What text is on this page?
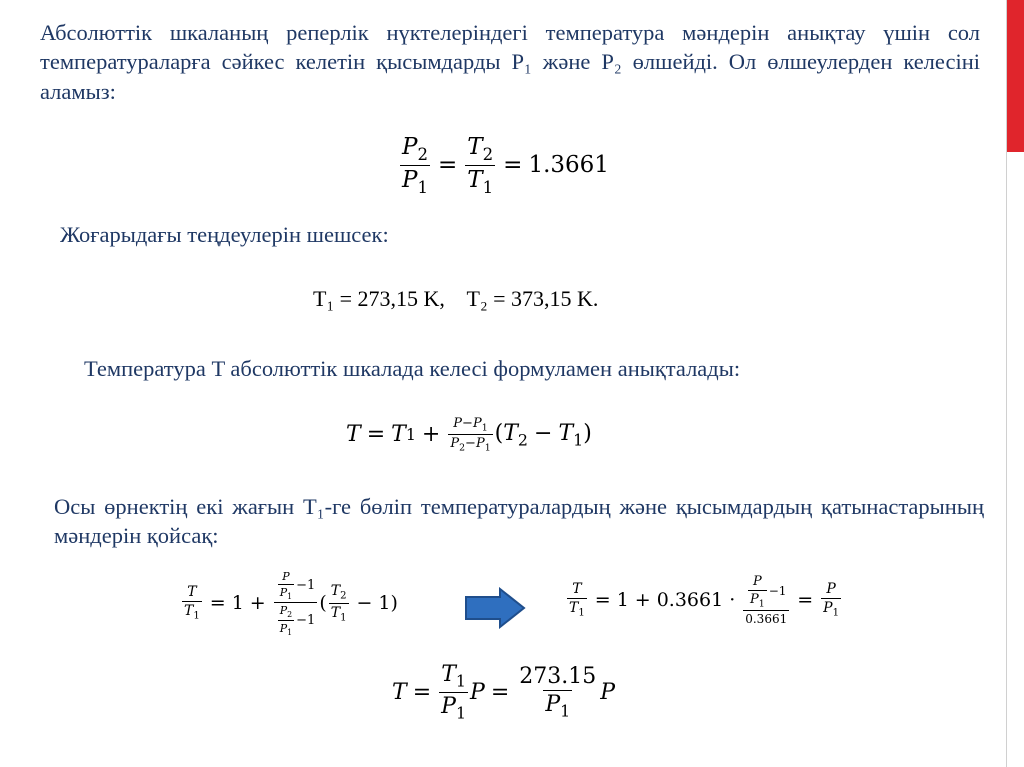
Абсолюттік шкаланың реперлік нүктелеріндегі температура мәндерін анықтау үшін сол температураларға сәйкес келетін қысымдарды P₁ және P₂ өлшейді. Ол өлшеулерден келесіні аламыз:

$\frac{P_2}{P_1} = \frac{T_2}{T_1} = 1.3661$

Жоғарыдағы теңдеулерін шешсек:

T₁ = 273,15 K,    T₂ = 373,15 K.

Температура T абсолюттік шкалада келесі формуламен анықталады:

T = T $1 + \frac{P-P_1}{P_2-P_1} (T_2 - T_1)$

Осы өрнектің екі жағын T₁-ге бөліп температуралардың және қысымдардың қатынастарының мәндерін қойсақ:

$\frac{T}{T_1} = 1 + \frac{\frac{P}{P_1} -1}{\frac{P_2}{P_1} -1}$ ( $\frac{T_2}{T_1} - 1$ )	$\frac{T}{T_1} = 1 + 0.3661 \cdot \frac{\frac{P}{P_1} -1}{0.3661} = \frac{P}{P_1}$
$T = \frac{T_1}{P_1}$ $P = \frac{273.15}{P_1}$ P
